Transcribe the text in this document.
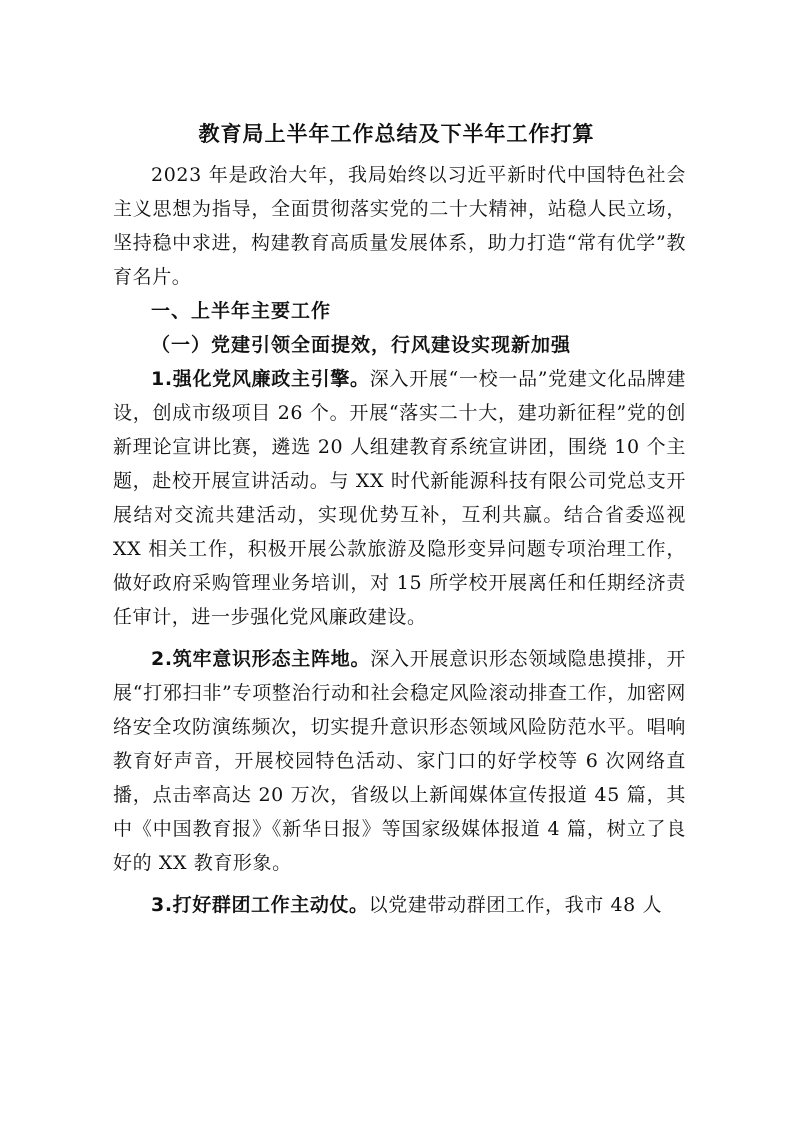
教育局上半年工作总结及下半年工作打算

2023 年是政治大年，我局始终以习近平新时代中国特色社会主义思想为指导，全面贯彻落实党的二十大精神，站稳人民立场，坚持稳中求进，构建教育高质量发展体系，助力打造“常有优学”教育名片。

一、上半年主要工作

（一）党建引领全面提效，行风建设实现新加强

1.强化党风廉政主引擎。深入开展“一校一品”党建文化品牌建设，创成市级项目 26 个。开展“落实二十大，建功新征程”党的创新理论宣讲比赛，遴选 20 人组建教育系统宣讲团，围绕 10 个主题，赴校开展宣讲活动。与 XX 时代新能源科技有限公司党总支开展结对交流共建活动，实现优势互补，互利共赢。结合省委巡视 XX 相关工作，积极开展公款旅游及隐形变异问题专项治理工作，做好政府采购管理业务培训，对 15 所学校开展离任和任期经济责任审计，进一步强化党风廉政建设。

2.筑牢意识形态主阵地。深入开展意识形态领域隐患摸排，开展“打邪扫非”专项整治行动和社会稳定风险滚动排查工作，加密网络安全攻防演练频次，切实提升意识形态领域风险防范水平。唱响教育好声音，开展校园特色活动、家门口的好学校等 6 次网络直播，点击率高达 20 万次，省级以上新闻媒体宣传报道 45 篇，其中《中国教育报》《新华日报》等国家级媒体报道 4 篇，树立了良好的 XX 教育形象。

3.打好群团工作主动仗。以党建带动群团工作，我市 48 人
